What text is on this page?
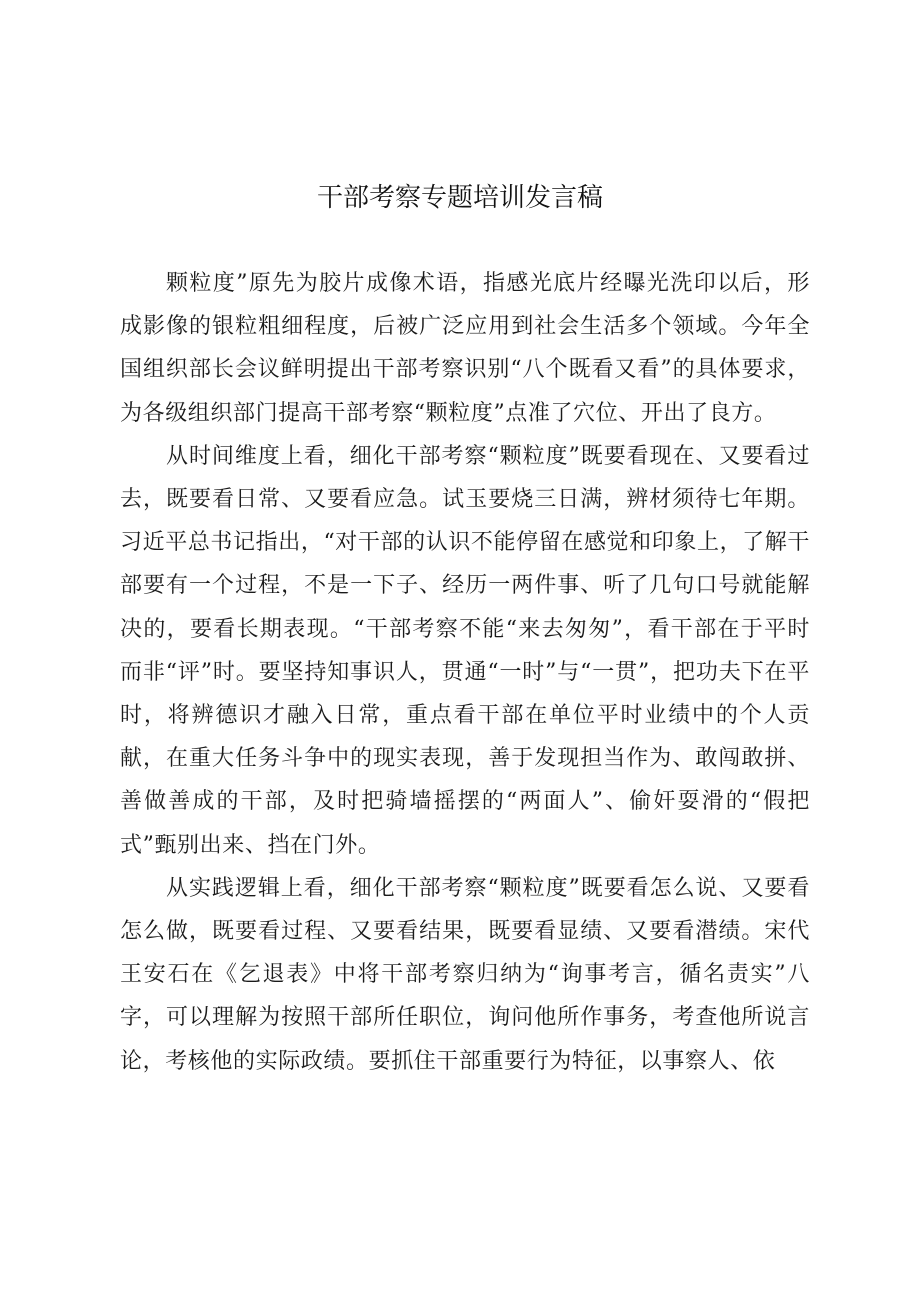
干部考察专题培训发言稿

颗粒度”原先为胶片成像术语，指感光底片经曝光洗印以后，形成影像的银粒粗细程度，后被广泛应用到社会生活多个领域。今年全国组织部长会议鲜明提出干部考察识别“八个既看又看”的具体要求，为各级组织部门提高干部考察“颗粒度”点准了穴位、开出了良方。

从时间维度上看，细化干部考察“颗粒度”既要看现在、又要看过去，既要看日常、又要看应急。试玉要烧三日满，辨材须待七年期。习近平总书记指出，“对干部的认识不能停留在感觉和印象上，了解干部要有一个过程，不是一下子、经历一两件事、听了几句口号就能解决的，要看长期表现。“干部考察不能“来去匆匆”，看干部在于平时而非“评”时。要坚持知事识人，贯通“一时”与“一贯”，把功夫下在平时，将辨德识才融入日常，重点看干部在单位平时业绩中的个人贡献，在重大任务斗争中的现实表现，善于发现担当作为、敢闯敢拼、善做善成的干部，及时把骑墙摇摆的“两面人”、偷奸耍滑的“假把式”甄别出来、挡在门外。

从实践逻辑上看，细化干部考察“颗粒度”既要看怎么说、又要看怎么做，既要看过程、又要看结果，既要看显绩、又要看潜绩。宋代王安石在《乞退表》中将干部考察归纳为“询事考言，循名责实”八字，可以理解为按照干部所任职位，询问他所作事务，考查他所说言论，考核他的实际政绩。要抓住干部重要行为特征，以事察人、依
